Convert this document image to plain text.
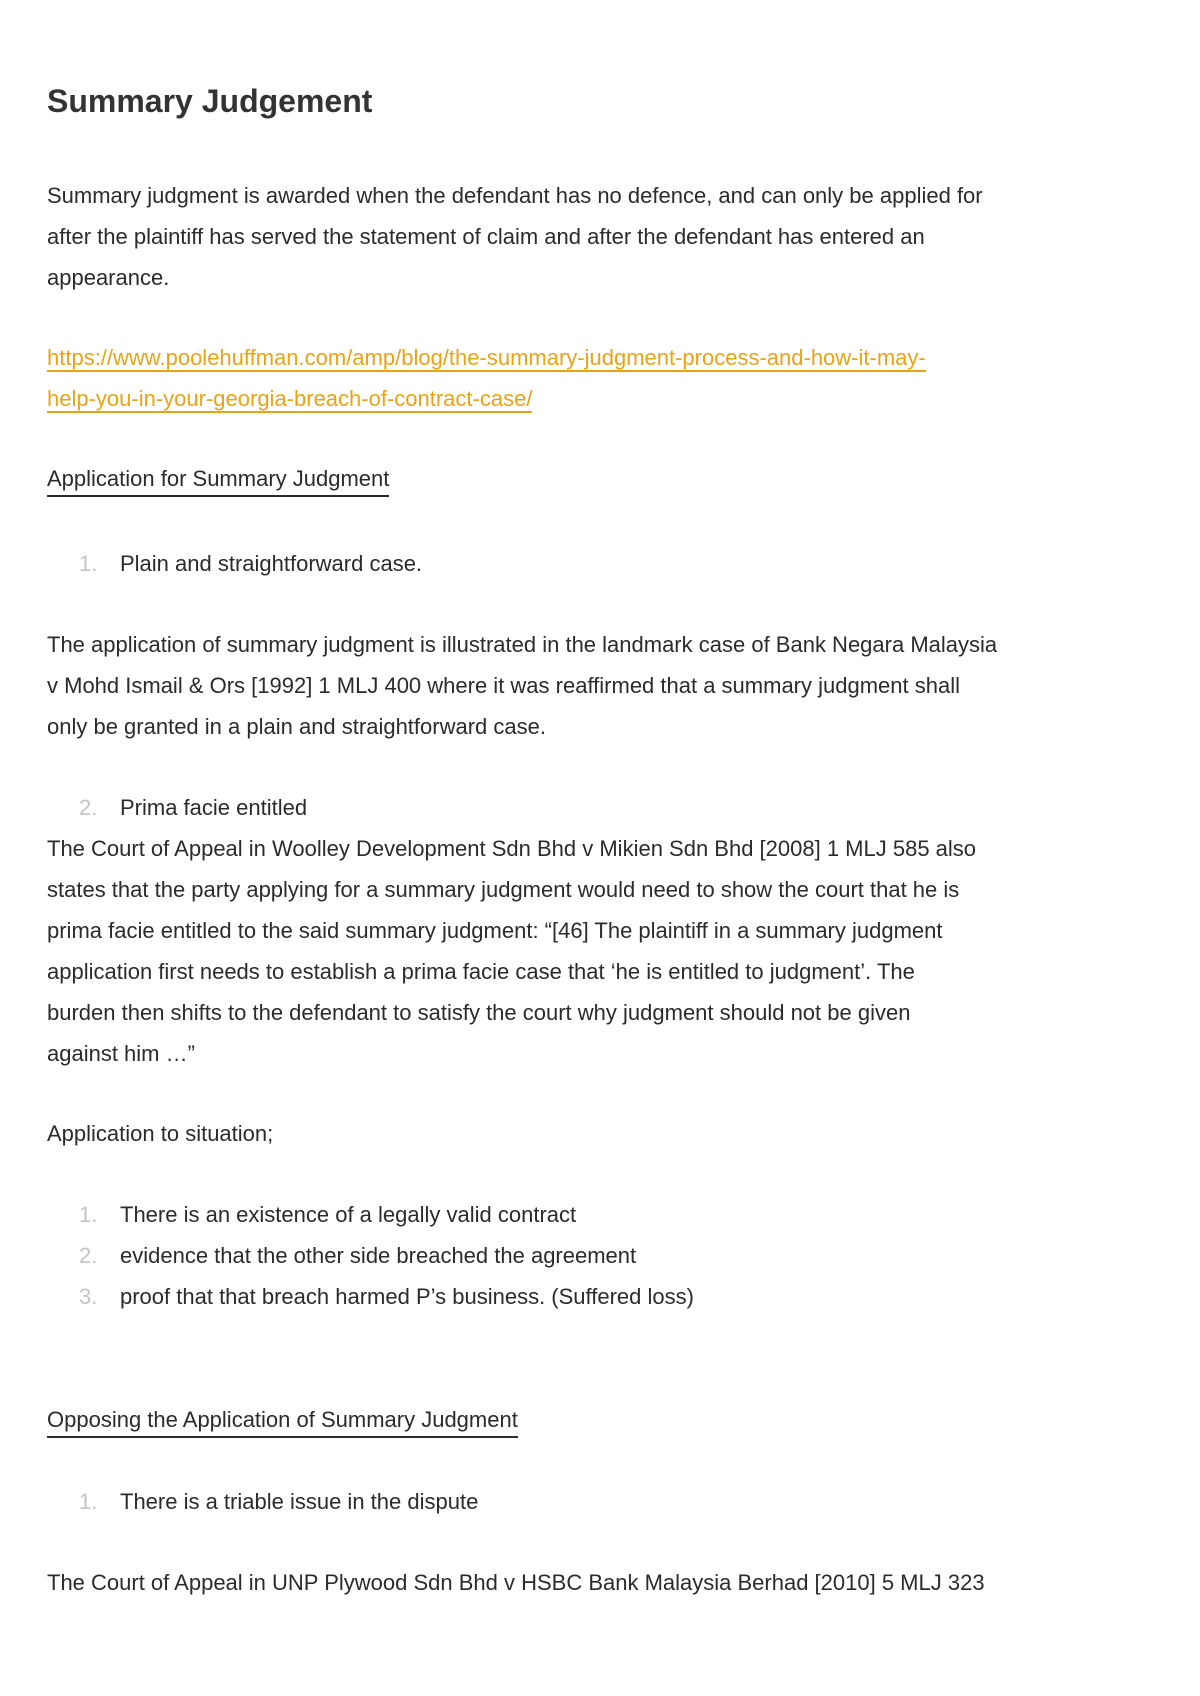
Summary Judgement

Summary judgment is awarded when the defendant has no defence, and can only be applied for
after the plaintiff has served the statement of claim and after the defendant has entered an
appearance.

https://www.poolehuffman.com/amp/blog/the-summary-judgment-process-and-how-it-may-
help-you-in-your-georgia-breach-of-contract-case/

Application for Summary Judgment
1. Plain and straightforward case.

The application of summary judgment is illustrated in the landmark case of Bank Negara Malaysia
v Mohd Ismail & Ors [1992] 1 MLJ 400 where it was reaffirmed that a summary judgment shall
only be granted in a plain and straightforward case.

2. Prima facie entitled

The Court of Appeal in Woolley Development Sdn Bhd v Mikien Sdn Bhd [2008] 1 MLJ 585 also
states that the party applying for a summary judgment would need to show the court that he is
prima facie entitled to the said summary judgment: “[46] The plaintiff in a summary judgment
application first needs to establish a prima facie case that ‘he is entitled to judgment’. The
burden then shifts to the defendant to satisfy the court why judgment should not be given
against him …”

Application to situation;

1. There is an existence of a legally valid contract
2. evidence that the other side breached the agreement
3. proof that that breach harmed P’s business. (Suffered loss)
Opposing the Application of Summary Judgment
1. There is a triable issue in the dispute

The Court of Appeal in UNP Plywood Sdn Bhd v HSBC Bank Malaysia Berhad [2010] 5 MLJ 323
